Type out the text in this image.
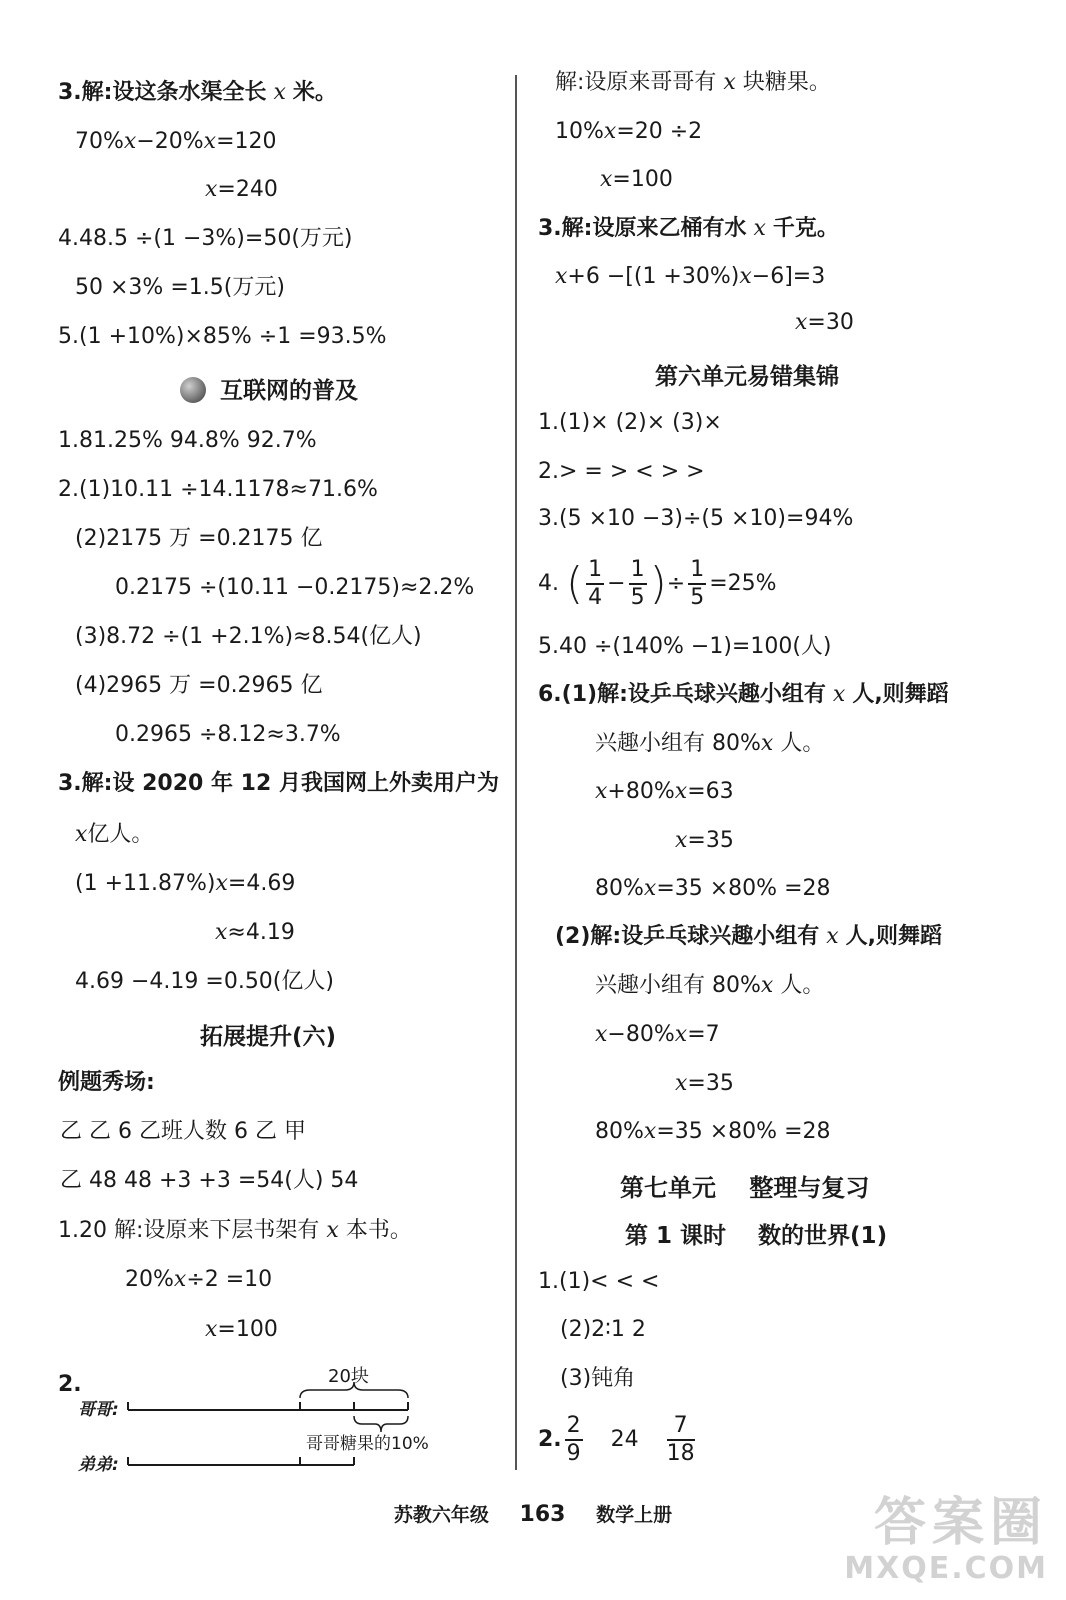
3.解:设这条水渠全长 x 米。
70%x−20%x=120
x=240
4.48.5 ÷(1 −3%)=50(万元)
50 ×3% =1.5(万元)
5.(1 +10%)×85% ÷1 =93.5%
互联网的普及
1.81.25% 94.8% 92.7%
2.(1)10.11 ÷14.1178≈71.6%
(2)2175 万 =0.2175 亿
0.2175 ÷(10.11 −0.2175)≈2.2%
(3)8.72 ÷(1 +2.1%)≈8.54(亿人)
(4)2965 万 =0.2965 亿
0.2965 ÷8.12≈3.7%
3.解:设 2020 年 12 月我国网上外卖用户为
x亿人。
(1 +11.87%)x=4.69
x≈4.19
4.69 −4.19 =0.50(亿人)
拓展提升(六)
例题秀场:
乙 乙 6 乙班人数 6 乙 甲
乙 48 48 +3 +3 =54(人) 54
1.20 解:设原来下层书架有 x 本书。
20%x÷2 =10
x=100
2.
哥哥:
20块
哥哥糖果的10%
弟弟:
解:设原来哥哥有 x 块糖果。
10%x=20 ÷2
x=100
3.解:设原来乙桶有水 x 千克。
x+6 −[(1 +30%)x−6]=3
x=30
第六单元易错集锦
1.(1)× (2)× (3)×
2.> = > < > >
3.(5 ×10 −3)÷(5 ×10)=94%
4. ( $\frac{1}{4} - \frac{1}{5}$ )÷ $\frac{1}{5} =25\%$
5.40 ÷(140% −1)=100(人)
6.(1)解:设乒乓球兴趣小组有 x 人,则舞蹈
兴趣小组有 80%x 人。
x+80%x=63
x=35
80%x=35 ×80% =28
(2)解:设乒乓球兴趣小组有 x 人,则舞蹈
兴趣小组有 80%x 人。
x−80%x=7
x=35
80%x=35 ×80% =28
第七单元    整理与复习
第 1 课时    数的世界(1)
1.(1)< < <
(2)2∶1 2
(3)钝角
2. $\frac{2}{9} 24 \frac{7}{18}$
苏教六年级 163 数学上册	答案圈
MXQE.COM
